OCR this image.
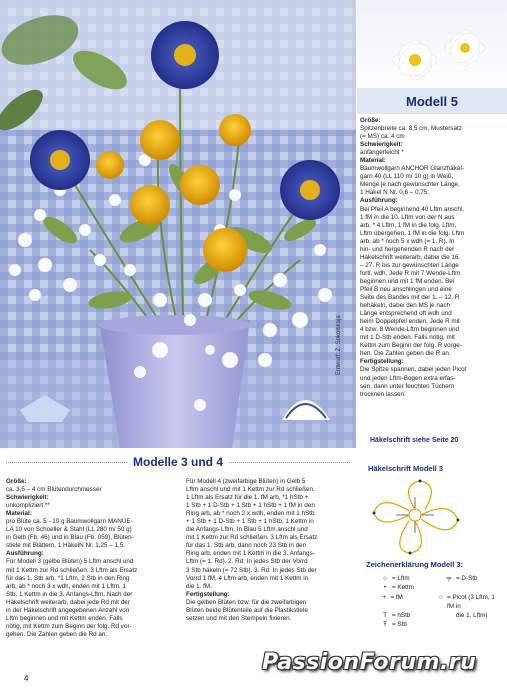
Entwurf: Z. Sokolskaja
Modell 5

Größe:

Spitzenbreite ca. 8,5 cm, Mustersatz

(= MS) ca. 4 cm

Schwierigkeit:

anfängerleicht *

Material:

Baumwollgarn ANCHOR Glanzhäkel-

garn 40 (LL 110 m/ 10 g) in Weiß,

Menge je nach gewünschter Länge,

1 Häkel N Nr. 0,6 – 0,75.

Ausführung:

Bei Pfeil A beginnend 40 Lftm anschl,

1 fM in die 10. Lftm von der N aus

arb, * 4 Lftm, 1 fM in die folg. Lftm,

Lftm übergehen, 1 fM in die folg. Lftm

arb, ab * noch 5 x wdh (= 1. R). In

hin- und hergehenden R nach der

Häkelschrift weiterarb, dabei die 16.

– 27. R bis zur gewünschten Länge

fortl. wdh. Jede R mit 7 Wende-Lftm

beginnen und mit 1 fM enden. Bei

Pfeil B neu anschlingen und eine

Seite des Bandes mit der 1. – 12. R

behäkeln, dabei den MS je nach

Länge entsprechend oft wdh und

beim Doppelpfeil enden. Jede R mit

4 bzw. 8 Wende-Lftm beginnen und

mit 1 D-Stb enden. Falls nötig, mit

Kettm zum Beginn der folg. R vorge-

hen. Die Zahlen geben die R an.

Fertigstellung:

Die Spitze spannen, dabei jeden Picot

und jeden Lftm-Bogen extra erfas-

sen, dann unter feuchten Tüchern

trocknen lassen.

Häkelschrift siehe Seite 20
Modelle 3 und 4

Größe:

ca. 3,5 – 4 cm Blütendurchmesser

Schwierigkeit:

unkompliziert **

Material:

pro Blüte ca. 5 - 10 g Baumwollgarn MANUE-

LA 10 von Schoeller & Stahl (LL 280 m/ 50 g)

in Gelb (Fb. 46) und in Blau (Fb. 059), Blüten-

stiele mit Blättern, 1 HäkelN Nr. 1,25 – 1,5.

Ausführung:

Für Modell 3 (gelbe Blüten) 5 Lftm anschl und

mit 1 Kettm zur Rd schließen. 3 Lftm als Ersatz

für das 1. Stb arb, *1 Lftm, 2 Stb in den Ring

arb, ab * noch 3 x wdh, enden mit 1 Lftm, 1

Stb, 1 Kettm in die 3. Anfangs-Lftm. Nach der

Häkelschrift weiterarb, dabei jede Rd mit der

in der Häkelschrift angegebenen Anzahl von

Lftm beginnen und mit Kettm enden. Falls

nötig, mit Kettm zum Beginn der folg. Rd vor-

gehen. Die Zahlen geben die Rd an.

Für Modell 4 (zweifarbige Blüten) in Gelb 5

Lftm anschl und mit 1 Kettm zur Rd schließen.

1 Lftm als Ersatz für die 1. fM arb, *1 hStb +

1 Stb + 1 D-Stb + 1 Stb + 1 hStb + 1 fM in den

Ring arb, ab * noch 2 x wdh, enden mit 1 hStb

+ 1 Stb + 1 D-Stb + 1 Stb + 1 hStb, 1 Kettm in

die Anfangs-Lftm. In Blau 5 Lftm anschl und

mit 1 Kettm zur Rd schließen. 3 Lftm als Ersatz

für das 1. Stb arb, dann noch 23 Stb in den

Ring arb, enden mit 1 Kettm in die 3. Anfangs-

Lftm (= 1. Rd). 2. Rd: In jedes Stb der Vorrd

3 Stb häkeln (= 72 Stb). 3. Rd: In jedes Stb der

Vorrd 1 fM, 4 Lftm arb, enden mit 1 Kettm in

die 1. fM.

Fertigstellung:

Die gelben Blüten bzw. für die zweifarbigen

Blüten beide Blütenteile auf die Plastikstiele

setzen und mit den Stempeln fixieren.

Häkelschrift Modell 3
Zeichenerklärung Modell 3:
○ = Lftm	╤ = D-Stb
• = Kettm
+ = fM	○ = Picot (3 Lftm, 1 fM in
T = hStb	die 1. Lftm)
Ŧ = Stb
4
PassionForum.ru
